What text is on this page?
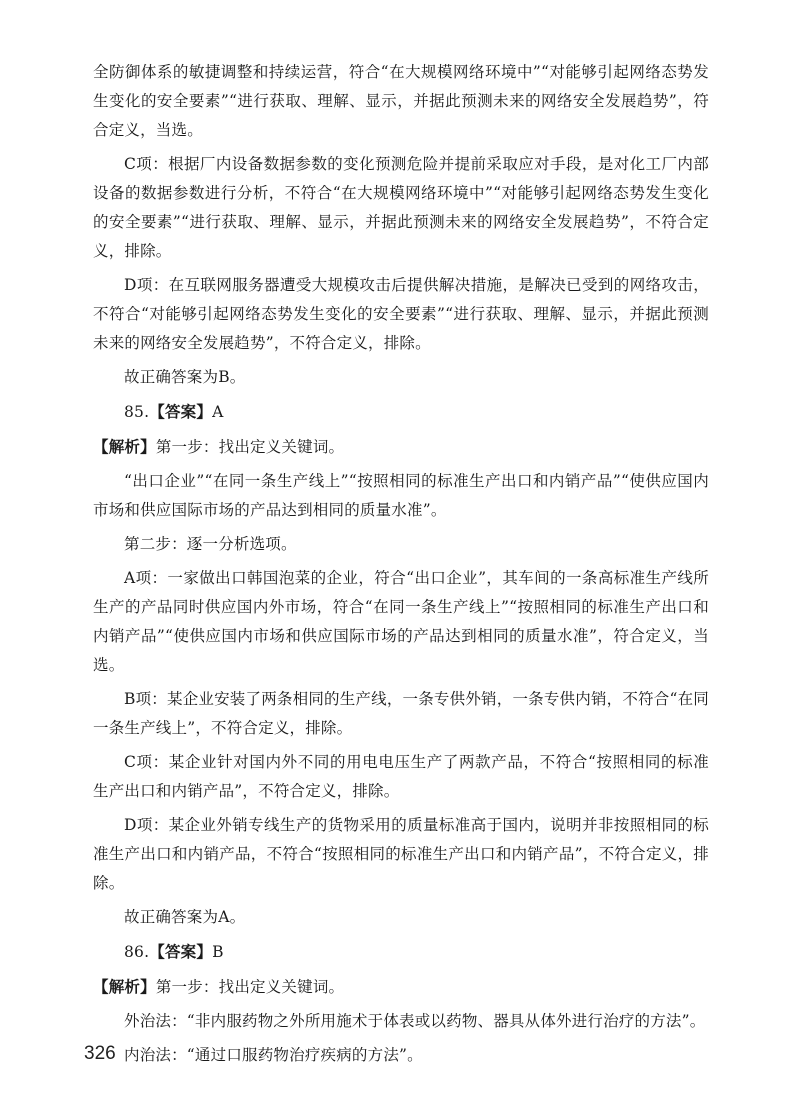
全防御体系的敏捷调整和持续运营，符合“在大规模网络环境中”“对能够引起网络态势发生变化的安全要素”“进行获取、理解、显示，并据此预测未来的网络安全发展趋势”，符合定义，当选。

C项：根据厂内设备数据参数的变化预测危险并提前采取应对手段，是对化工厂内部设备的数据参数进行分析，不符合“在大规模网络环境中”“对能够引起网络态势发生变化的安全要素”“进行获取、理解、显示，并据此预测未来的网络安全发展趋势”，不符合定义，排除。

D项：在互联网服务器遭受大规模攻击后提供解决措施，是解决已受到的网络攻击，不符合“对能够引起网络态势发生变化的安全要素”“进行获取、理解、显示，并据此预测未来的网络安全发展趋势”，不符合定义，排除。

故正确答案为B。

85.【答案】A

【解析】第一步：找出定义关键词。

“出口企业”“在同一条生产线上”“按照相同的标准生产出口和内销产品”“使供应国内市场和供应国际市场的产品达到相同的质量水准”。

第二步：逐一分析选项。

A项：一家做出口韩国泡菜的企业，符合“出口企业”，其车间的一条高标准生产线所生产的产品同时供应国内外市场，符合“在同一条生产线上”“按照相同的标准生产出口和内销产品”“使供应国内市场和供应国际市场的产品达到相同的质量水准”，符合定义，当选。

B项：某企业安装了两条相同的生产线，一条专供外销，一条专供内销，不符合“在同一条生产线上”，不符合定义，排除。

C项：某企业针对国内外不同的用电电压生产了两款产品，不符合“按照相同的标准生产出口和内销产品”，不符合定义，排除。

D项：某企业外销专线生产的货物采用的质量标准高于国内，说明并非按照相同的标准生产出口和内销产品，不符合“按照相同的标准生产出口和内销产品”，不符合定义，排除。

故正确答案为A。

86.【答案】B

【解析】第一步：找出定义关键词。

外治法：“非内服药物之外所用施术于体表或以药物、器具从体外进行治疗的方法”。

内治法：“通过口服药物治疗疾病的方法”。

326
